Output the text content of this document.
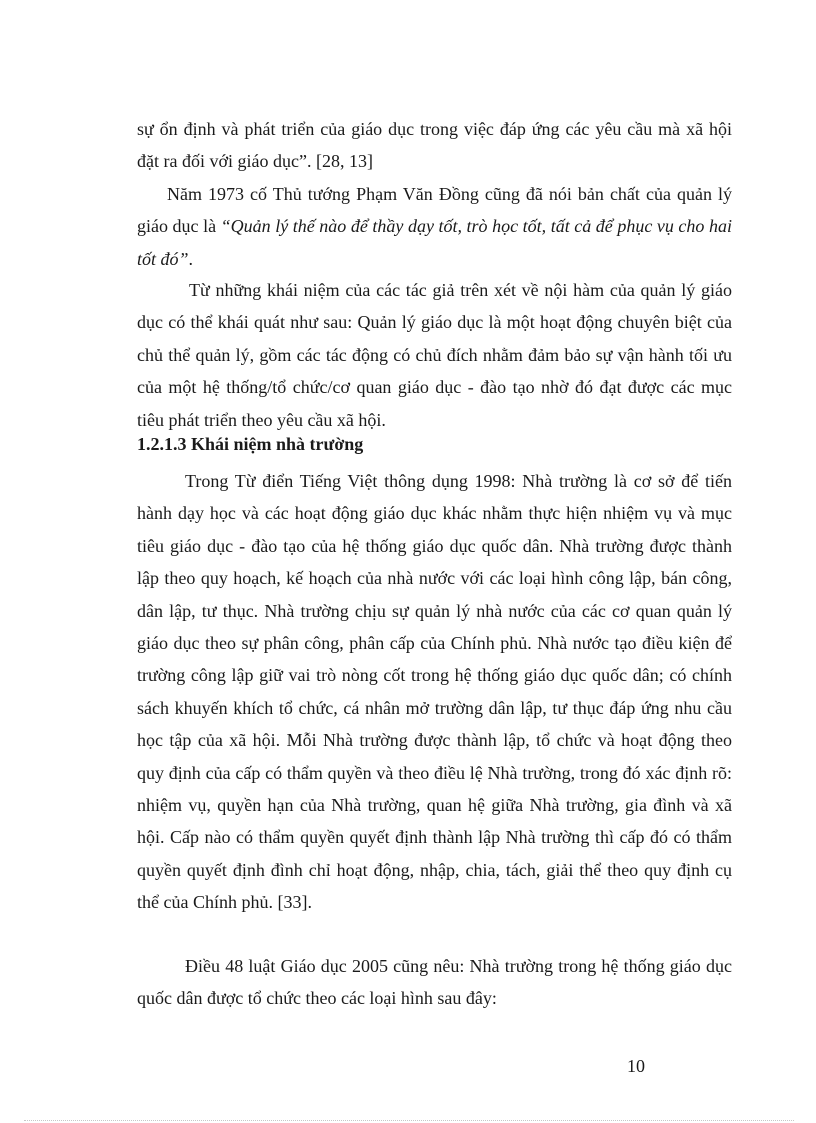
sự ổn định và phát triển của giáo dục trong việc đáp ứng các yêu cầu mà xã hội đặt ra đối với giáo dục”. [28, 13]

Năm 1973 cố Thủ tướng Phạm Văn Đồng cũng đã nói bản chất của quản lý giáo dục là “Quản lý thế nào để thầy dạy tốt, trò học tốt, tất cả để phục vụ cho hai tốt đó”.

Từ những khái niệm của các tác giả trên xét về nội hàm của quản lý giáo dục có thể khái quát như sau: Quản lý giáo dục là một hoạt động chuyên biệt của chủ thể quản lý, gồm các tác động có chủ đích nhằm đảm bảo sự vận hành tối ưu của một hệ thống/tổ chức/cơ quan giáo dục - đào tạo nhờ đó đạt được các mục tiêu phát triển theo yêu cầu xã hội.

1.2.1.3 Khái niệm nhà trường

Trong Từ điển Tiếng Việt thông dụng 1998: Nhà trường là cơ sở để tiến hành dạy học và các hoạt động giáo dục khác nhằm thực hiện nhiệm vụ và mục tiêu giáo dục - đào tạo của hệ thống giáo dục quốc dân. Nhà trường được thành lập theo quy hoạch, kế hoạch của nhà nước với các loại hình công lập, bán công, dân lập, tư thục. Nhà trường chịu sự quản lý nhà nước của các cơ quan quản lý giáo dục theo sự phân công, phân cấp của Chính phủ. Nhà nước tạo điều kiện để trường công lập giữ vai trò nòng cốt trong hệ thống giáo dục quốc dân; có chính sách khuyến khích tổ chức, cá nhân mở trường dân lập, tư thục đáp ứng nhu cầu học tập của xã hội. Mỗi Nhà trường được thành lập, tổ chức và hoạt động theo quy định của cấp có thẩm quyền và theo điều lệ Nhà trường, trong đó xác định rõ: nhiệm vụ, quyền hạn của Nhà trường, quan hệ giữa Nhà trường, gia đình và xã hội. Cấp nào có thẩm quyền quyết định thành lập Nhà trường thì cấp đó có thẩm quyền quyết định đình chỉ hoạt động, nhập, chia, tách, giải thể theo quy định cụ thể của Chính phủ. [33].

Điều 48 luật Giáo dục 2005 cũng nêu: Nhà trường trong hệ thống giáo dục quốc dân được tổ chức theo các loại hình sau đây:

10
